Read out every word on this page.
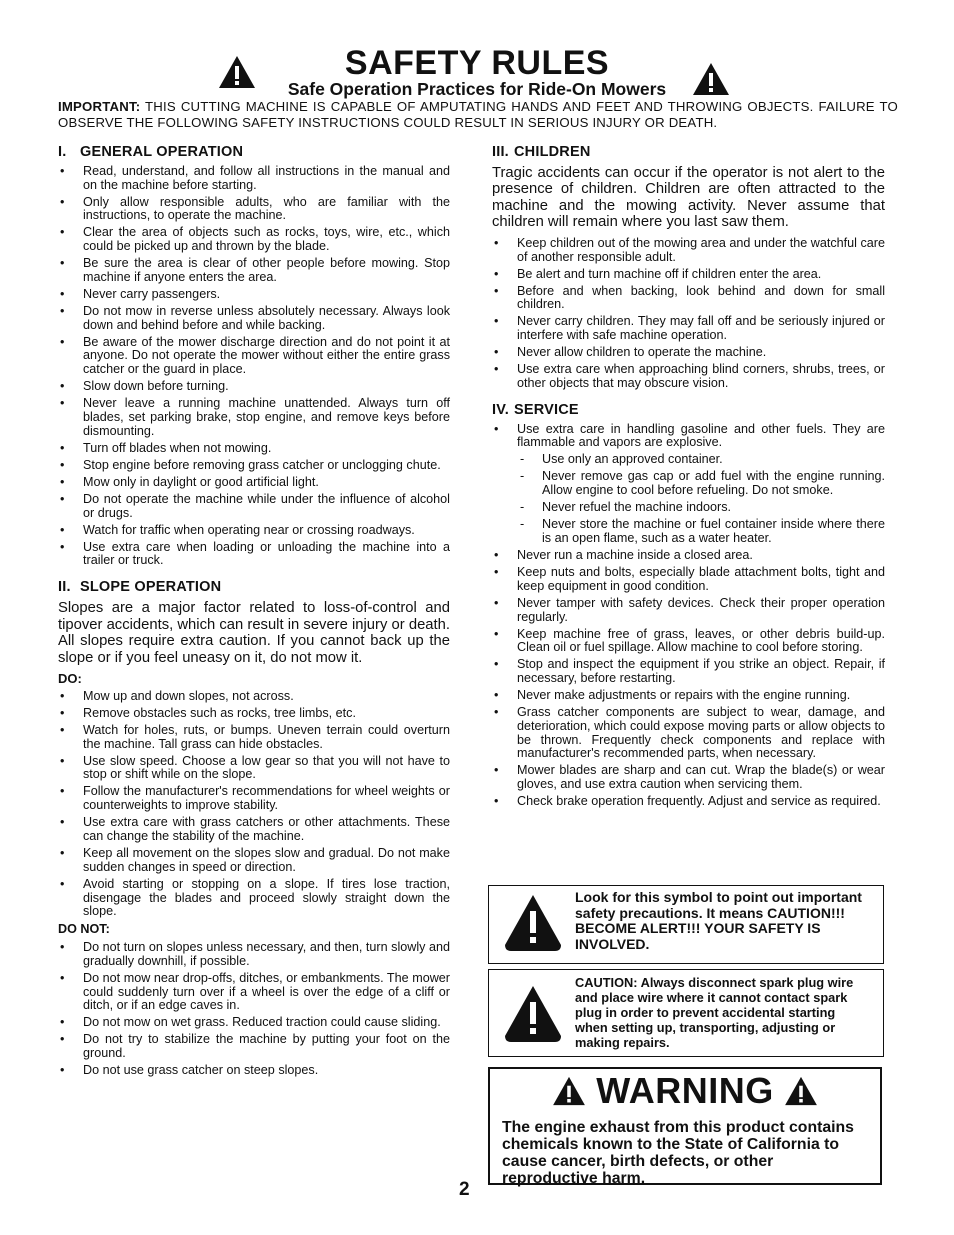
SAFETY RULES
Safe Operation Practices for Ride-On Mowers
IMPORTANT: THIS CUTTING MACHINE IS CAPABLE OF AMPUTATING HANDS AND FEET AND THROWING OBJECTS. FAILURE TO OBSERVE THE FOLLOWING SAFETY INSTRUCTIONS COULD RESULT IN SERIOUS INJURY OR DEATH.
I. GENERAL OPERATION
• Read, understand, and follow all instructions in the manual and on the machine before starting.
• Only allow responsible adults, who are familiar with the instructions, to operate the machine.
• Clear the area of objects such as rocks, toys, wire, etc., which could be picked up and thrown by the blade.
• Be sure the area is clear of other people before mowing. Stop machine if anyone enters the area.
• Never carry passengers.
• Do not mow in reverse unless absolutely necessary. Always look down and behind before and while backing.
• Be aware of the mower discharge direction and do not point it at anyone. Do not operate the mower without either the entire grass catcher or the guard in place.
• Slow down before turning.
• Never leave a running machine unattended. Always turn off blades, set parking brake, stop engine, and remove keys before dismounting.
• Turn off blades when not mowing.
• Stop engine before removing grass catcher or unclogging chute.
• Mow only in daylight or good artificial light.
• Do not operate the machine while under the influence of alcohol or drugs.
• Watch for traffic when operating near or crossing roadways.
• Use extra care when loading or unloading the machine into a trailer or truck.
II. SLOPE OPERATION

Slopes are a major factor related to loss-of-control and tipover accidents, which can result in severe injury or death. All slopes require extra caution. If you cannot back up the slope or if you feel uneasy on it, do not mow it.

DO:
• Mow up and down slopes, not across.
• Remove obstacles such as rocks, tree limbs, etc.
• Watch for holes, ruts, or bumps. Uneven terrain could overturn the machine. Tall grass can hide obstacles.
• Use slow speed. Choose a low gear so that you will not have to stop or shift while on the slope.
• Follow the manufacturer's recommendations for wheel weights or counterweights to improve stability.
• Use extra care with grass catchers or other attachments. These can change the stability of the machine.
• Keep all movement on the slopes slow and gradual. Do not make sudden changes in speed or direction.
• Avoid starting or stopping on a slope. If tires lose traction, disengage the blades and proceed slowly straight down the slope.
DO NOT:
• Do not turn on slopes unless necessary, and then, turn slowly and gradually downhill, if possible.
• Do not mow near drop-offs, ditches, or embankments. The mower could suddenly turn over if a wheel is over the edge of a cliff or ditch, or if an edge caves in.
• Do not mow on wet grass. Reduced traction could cause sliding.
• Do not try to stabilize the machine by putting your foot on the ground.
• Do not use grass catcher on steep slopes.
III. CHILDREN

Tragic accidents can occur if the operator is not alert to the presence of children. Children are often attracted to the machine and the mowing activity. Never assume that children will remain where you last saw them.

• Keep children out of the mowing area and under the watchful care of another responsible adult.
• Be alert and turn machine off if children enter the area.
• Before and when backing, look behind and down for small children.
• Never carry children. They may fall off and be seriously injured or interfere with safe machine operation.
• Never allow children to operate the machine.
• Use extra care when approaching blind corners, shrubs, trees, or other objects that may obscure vision.
IV. SERVICE
• Use extra care in handling gasoline and other fuels. They are flammable and vapors are explosive.
- Use only an approved container.
- Never remove gas cap or add fuel with the engine running. Allow engine to cool before refueling. Do not smoke.
- Never refuel the machine indoors.
- Never store the machine or fuel container inside where there is an open flame, such as a water heater.
• Never run a machine inside a closed area.
• Keep nuts and bolts, especially blade attachment bolts, tight and keep equipment in good condition.
• Never tamper with safety devices. Check their proper operation regularly.
• Keep machine free of grass, leaves, or other debris build-up. Clean oil or fuel spillage. Allow machine to cool before storing.
• Stop and inspect the equipment if you strike an object. Repair, if necessary, before restarting.
• Never make adjustments or repairs with the engine running.
• Grass catcher components are subject to wear, damage, and deterioration, which could expose moving parts or allow objects to be thrown. Frequently check components and replace with manufacturer's recommended parts, when necessary.
• Mower blades are sharp and can cut. Wrap the blade(s) or wear gloves, and use extra caution when servicing them.
• Check brake operation frequently. Adjust and service as required.
Look for this symbol to point out important safety precautions. It means CAUTION!!! BECOME ALERT!!! YOUR SAFETY IS INVOLVED.
CAUTION: Always disconnect spark plug wire and place wire where it cannot contact spark plug in order to prevent accidental starting when setting up, transporting, adjusting or making repairs.
WARNING
The engine exhaust from this product contains chemicals known to the State of California to cause cancer, birth defects, or other reproductive harm.
2
